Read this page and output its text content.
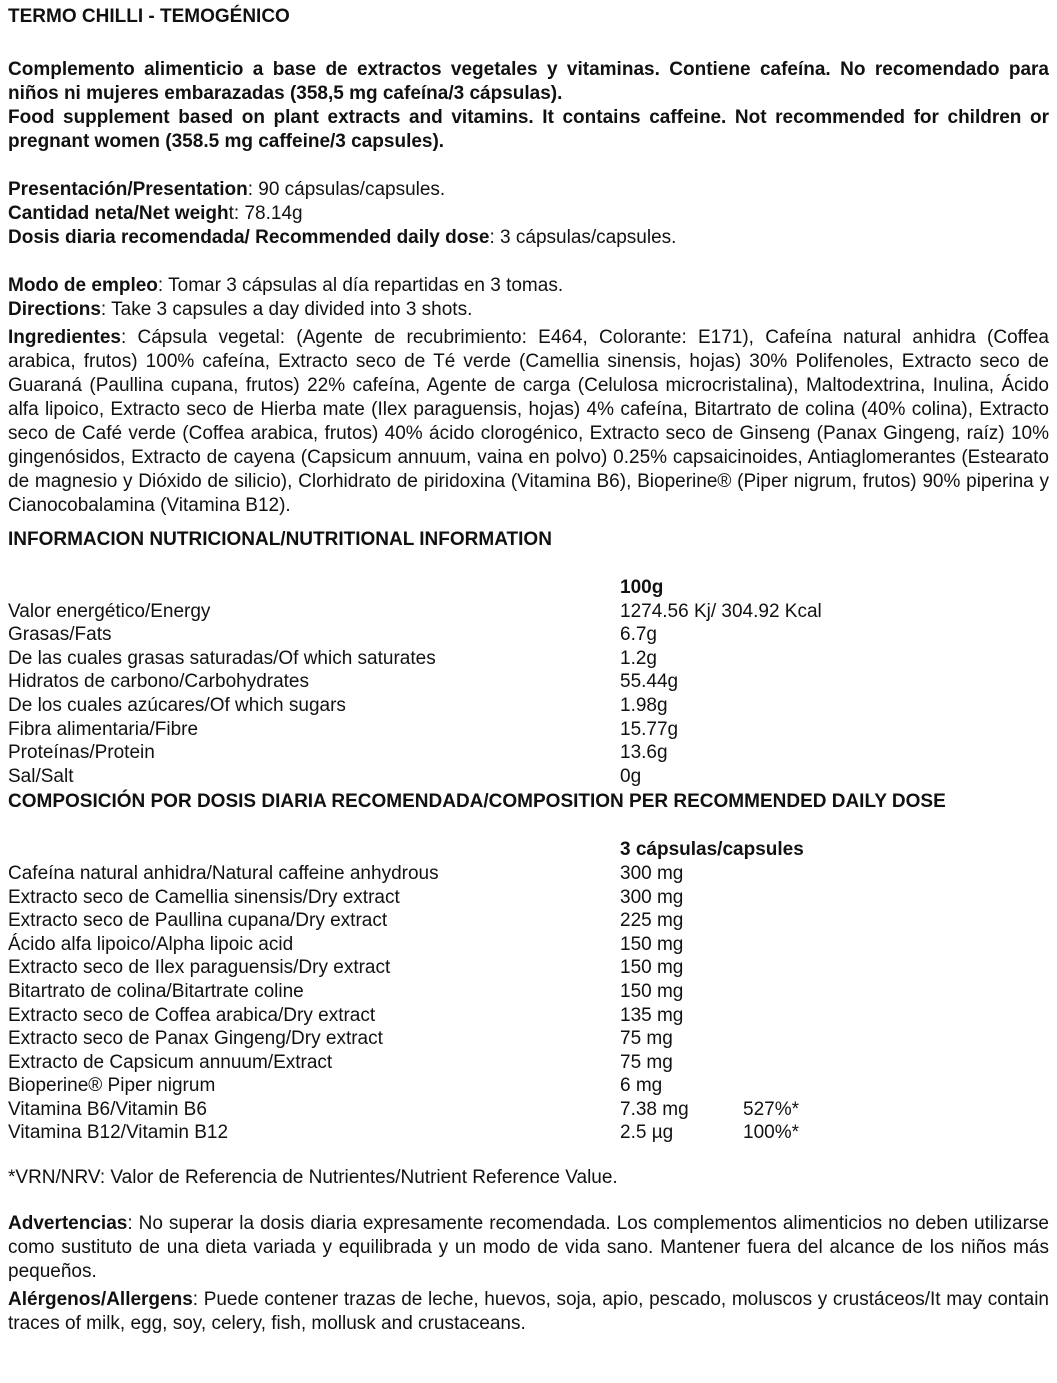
TERMO CHILLI - TEMOGÉNICO

Complemento alimenticio a base de extractos vegetales y vitaminas. Contiene cafeína. No recomendado para niños ni mujeres embarazadas (358,5 mg cafeína/3 cápsulas).

Food supplement based on plant extracts and vitamins. It contains caffeine. Not recommended for children or pregnant women (358.5 mg caffeine/3 capsules).

Presentación/Presentation: 90 cápsulas/capsules.

Cantidad neta/Net weight: 78.14g

Dosis diaria recomendada/ Recommended daily dose: 3 cápsulas/capsules.

Modo de empleo: Tomar 3 cápsulas al día repartidas en 3 tomas.

Directions: Take 3 capsules a day divided into 3 shots.

Ingredientes: Cápsula vegetal: (Agente de recubrimiento: E464, Colorante: E171), Cafeína natural anhidra (Coffea arabica, frutos) 100% cafeína, Extracto seco de Té verde (Camellia sinensis, hojas) 30% Polifenoles, Extracto seco de Guaraná (Paullina cupana, frutos) 22% cafeína, Agente de carga (Celulosa microcristalina), Maltodextrina, Inulina, Ácido alfa lipoico, Extracto seco de Hierba mate (Ilex paraguensis, hojas) 4% cafeína, Bitartrato de colina (40% colina), Extracto seco de Café verde (Coffea arabica, frutos) 40% ácido clorogénico, Extracto seco de Ginseng (Panax Gingeng, raíz) 10% gingenósidos, Extracto de cayena (Capsicum annuum, vaina en polvo) 0.25% capsaicinoides, Antiaglomerantes (Estearato de magnesio y Dióxido de silicio), Clorhidrato de piridoxina (Vitamina B6), Bioperine® (Piper nigrum, frutos) 90% piperina y Cianocobalamina (Vitamina B12).

INFORMACION NUTRICIONAL/NUTRITIONAL INFORMATION

	100g
Valor energético/Energy	1274.56 Kj/ 304.92 Kcal
Grasas/Fats	6.7g
De las cuales grasas saturadas/Of which saturates	1.2g
Hidratos de carbono/Carbohydrates	55.44g
De los cuales azúcares/Of which sugars	1.98g
Fibra alimentaria/Fibre	15.77g
Proteínas/Protein	13.6g
Sal/Salt	0g

COMPOSICIÓN POR DOSIS DIARIA RECOMENDADA/COMPOSITION PER RECOMMENDED DAILY DOSE

	3 cápsulas/capsules	
Cafeína natural anhidra/Natural caffeine anhydrous	300 mg	
Extracto seco de Camellia sinensis/Dry extract	300 mg	
Extracto seco de Paullina cupana/Dry extract	225 mg	
Ácido alfa lipoico/Alpha lipoic acid	150 mg	
Extracto seco de Ilex paraguensis/Dry extract	150 mg	
Bitartrato de colina/Bitartrate coline	150 mg	
Extracto seco de Coffea arabica/Dry extract	135 mg	
Extracto seco de Panax Gingeng/Dry extract	75 mg	
Extracto de Capsicum annuum/Extract	75 mg	
Bioperine® Piper nigrum	6 mg	
Vitamina B6/Vitamin B6	7.38 mg	527%*
Vitamina B12/Vitamin B12	2.5 µg	100%*

*VRN/NRV: Valor de Referencia de Nutrientes/Nutrient Reference Value.

Advertencias: No superar la dosis diaria expresamente recomendada. Los complementos alimenticios no deben utilizarse como sustituto de una dieta variada y equilibrada y un modo de vida sano. Mantener fuera del alcance de los niños más pequeños.

Alérgenos/Allergens: Puede contener trazas de leche, huevos, soja, apio, pescado, moluscos y crustáceos/It may contain traces of milk, egg, soy, celery, fish, mollusk and crustaceans.
